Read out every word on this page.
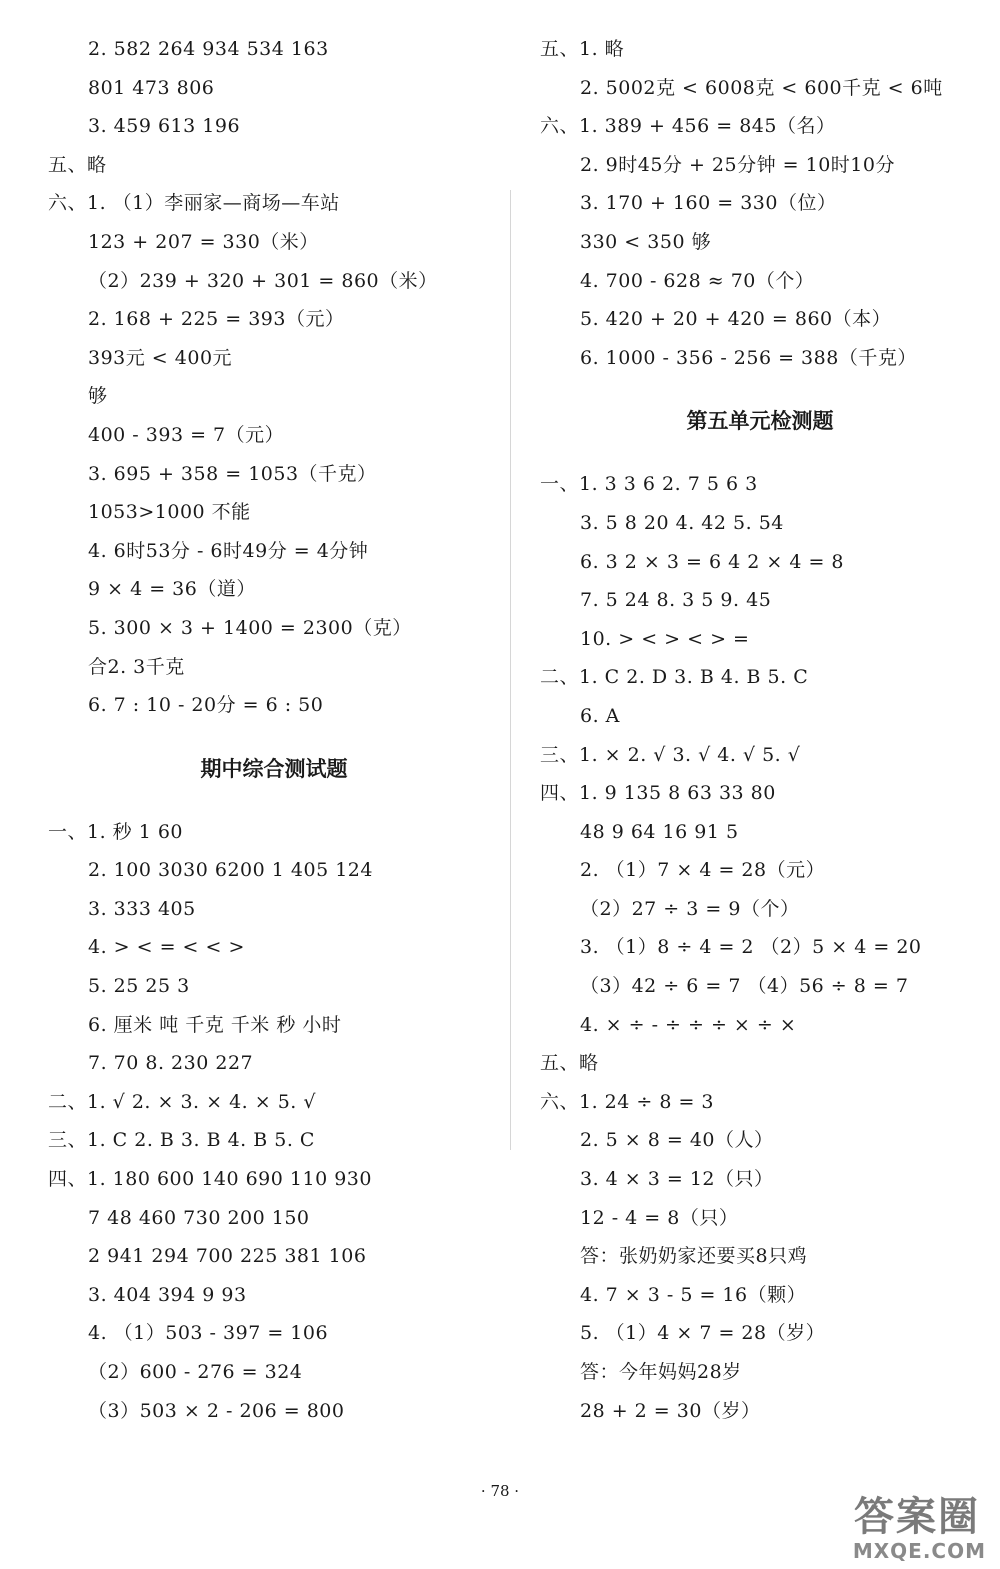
2. 582 264 934 534 163
801 473 806
3. 459 613 196
五、略
六、1. （1）李丽家—商场—车站
123 + 207 = 330（米）
（2）239 + 320 + 301 = 860（米）
2. 168 + 225 = 393（元）
393元 < 400元
够
400 - 393 = 7（元）
3. 695 + 358 = 1053（千克）
1053>1000 不能
4. 6时53分 - 6时49分 = 4分钟
9 × 4 = 36（道）
5. 300 × 3 + 1400 = 2300（克）
合2. 3千克
6. 7 : 10 - 20分 = 6 : 50
期中综合测试题
一、1. 秒 1 60
2. 100 3030 6200 1 405 124
3. 333 405
4. > < = < < >
5. 25 25 3
6. 厘米 吨 千克 千米 秒 小时
7. 70 8. 230 227
二、1. √ 2. × 3. × 4. × 5. √
三、1. C 2. B 3. B 4. B 5. C
四、1. 180 600 140 690 110 930
7 48 460 730 200 150
2 941 294 700 225 381 106
3. 404 394 9 93
4. （1）503 - 397 = 106
（2）600 - 276 = 324
（3）503 × 2 - 206 = 800
五、1. 略
2. 5002克 < 6008克 < 600千克 < 6吨
六、1. 389 + 456 = 845（名）
2. 9时45分 + 25分钟 = 10时10分
3. 170 + 160 = 330（位）
330 < 350 够
4. 700 - 628 ≈ 70（个）
5. 420 + 20 + 420 = 860（本）
6. 1000 - 356 - 256 = 388（千克）
第五单元检测题
一、1. 3 3 6 2. 7 5 6 3
3. 5 8 20 4. 42 5. 54
6. 3 2 × 3 = 6 4 2 × 4 = 8
7. 5 24 8. 3 5 9. 45
10. > < > < > =
二、1. C 2. D 3. B 4. B 5. C
6. A
三、1. × 2. √ 3. √ 4. √ 5. √
四、1. 9 135 8 63 33 80
48 9 64 16 91 5
2. （1）7 × 4 = 28（元）
（2）27 ÷ 3 = 9（个）
3. （1）8 ÷ 4 = 2 （2）5 × 4 = 20
（3）42 ÷ 6 = 7 （4）56 ÷ 8 = 7
4. × ÷ - ÷ ÷ ÷ × ÷ ×
五、略
六、1. 24 ÷ 8 = 3
2. 5 × 8 = 40（人）
3. 4 × 3 = 12（只）
12 - 4 = 8（只）
答：张奶奶家还要买8只鸡
4. 7 × 3 - 5 = 16（颗）
5. （1）4 × 7 = 28（岁）
答：今年妈妈28岁
28 + 2 = 30（岁）
· 78 ·
答案圈
MXQE.COM
